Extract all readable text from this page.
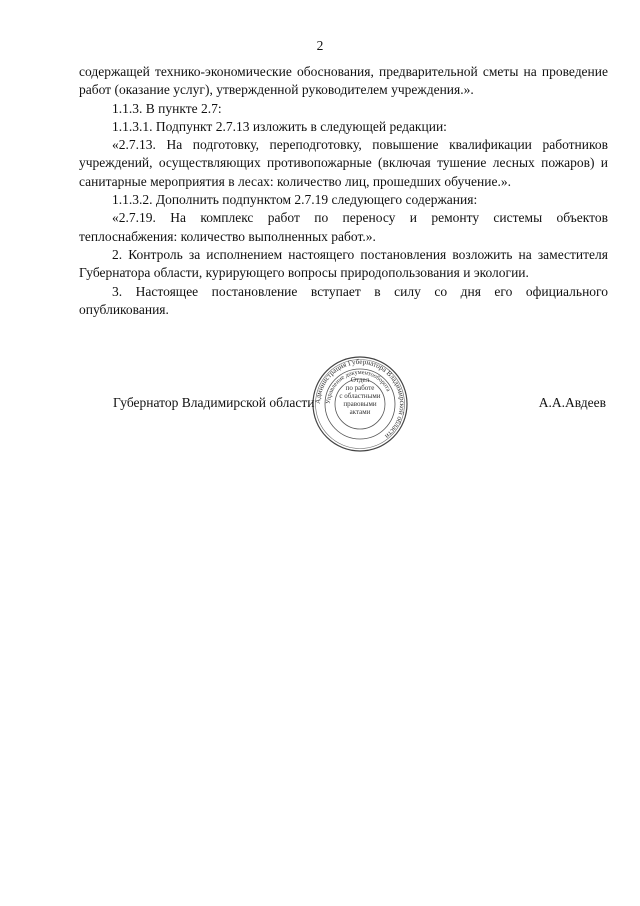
2

содержащей технико-экономические обоснования, предварительной сметы на проведение работ (оказание услуг), утвержденной руководителем учреждения.».

1.1.3. В пункте 2.7:

1.1.3.1. Подпункт 2.7.13 изложить в следующей редакции:

«2.7.13. На подготовку, переподготовку, повышение квалификации работников учреждений, осуществляющих противопожарные (включая тушение лесных пожаров) и санитарные мероприятия в лесах: количество лиц, прошедших обучение.».

1.1.3.2. Дополнить подпунктом 2.7.19 следующего содержания:

«2.7.19. На комплекс работ по переносу и ремонту системы объектов теплоснабжения: количество выполненных работ.».

2. Контроль за исполнением настоящего постановления возложить на заместителя Губернатора области, курирующего вопросы природопользования и экологии.

3. Настоящее постановление вступает в силу со дня его официального опубликования.

Администрация Губернатора Владимирской области
Управление документооборота
Отдел
по работе
с областными
правовыми
актами
Губернатор Владимирской области	А.А.Авдеев
